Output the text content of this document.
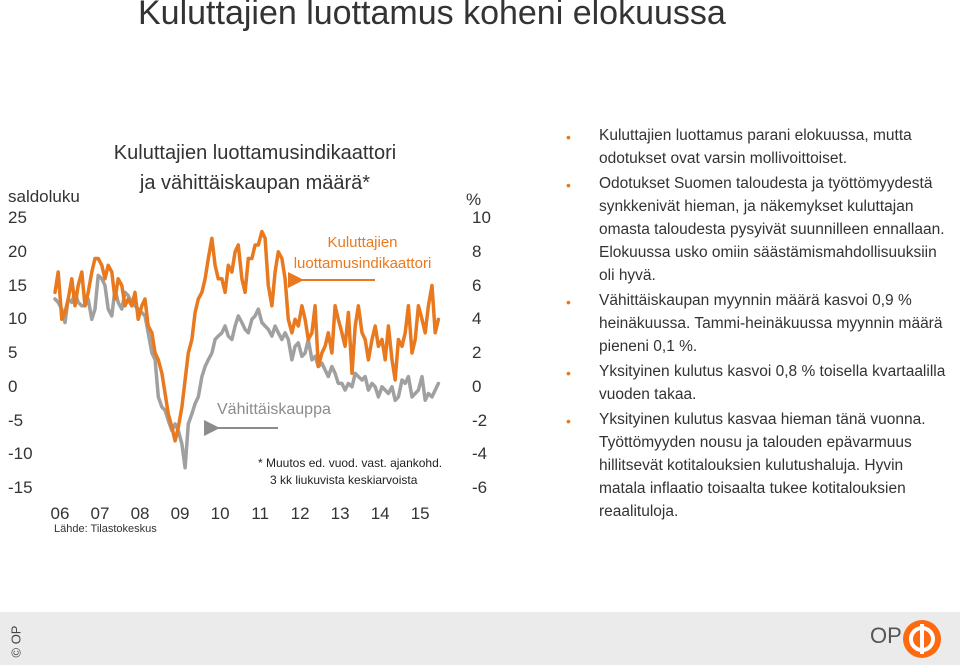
Kuluttajien luottamus koheni elokuussa
Kuluttajien luottamusindikaattori
ja vähittäiskaupan määrä*
saldoluku	%
25
20
15
10
5
0
-5
-10
-15
10
8
6
4
2
0
-2
-4
-6
06	07	08	09	10	11	12	13	14	15
Kuluttajien
luottamusindikaattori
Vähittäiskauppa
* Muutos ed. vuod. vast. ajankohd.
3 kk liukuvista keskiarvoista
Lähde: Tilastokeskus
• Kuluttajien luottamus parani elokuussa, mutta odotukset ovat varsin mollivoittoiset.
• Odotukset Suomen taloudesta ja työttömyydestä synkkenivät hieman, ja näkemykset kuluttajan omasta taloudesta pysyivät suunnilleen ennallaan. Elokuussa usko omiin säästämismahdollisuuksiin oli hyvä.
• Vähittäiskaupan myynnin määrä kasvoi 0,9 % heinäkuussa. Tammi-heinäkuussa myynnin määrä pieneni 0,1 %.
• Yksityinen kulutus kasvoi 0,8 % toisella kvartaalilla vuoden takaa.
• Yksityinen kulutus kasvaa hieman tänä vuonna. Työttömyyden nousu ja talouden epävarmuus hillitsevät kotitalouksien kulutushaluja. Hyvin matala inflaatio toisaalta tukee kotitalouksien reaalituloja.
© OP	OP
